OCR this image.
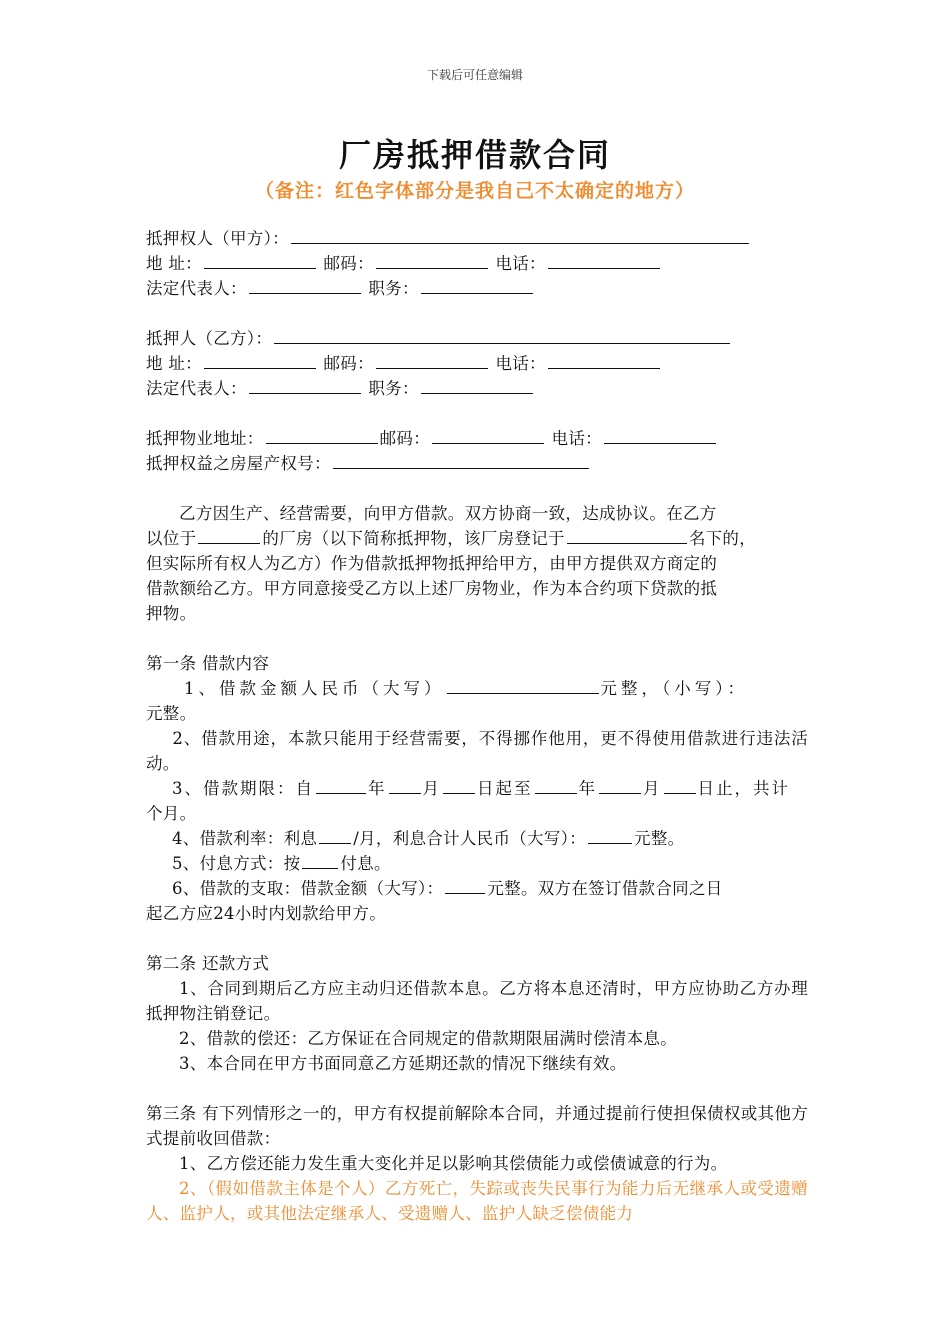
下载后可任意编辑
厂房抵押借款合同
（备注：红色字体部分是我自己不太确定的地方）
抵押权人（甲方）：
地 址：	邮码：	电话：
法定代表人：	职务：
抵押人（乙方）：
地 址：	邮码：	电话：
法定代表人：	职务：
抵押物业地址：	邮码：	电话：
抵押权益之房屋产权号：
乙方因生产、经营需要，向甲方借款。双方协商一致，达成协议。在乙方
以位于	的厂房（以下简称抵押物，该厂房登记于	名下的，
但实际所有权人为乙方）作为借款抵押物抵押给甲方，由甲方提供双方商定的
借款额给乙方。甲方同意接受乙方以上述厂房物业，作为本合约项下贷款的抵
押物。
第一条 借款内容
1、借款金额人民币（大写）	元整，（小写）：
元整。
2、借款用途，本款只能用于经营需要，不得挪作他用，更不得使用借款进行违法活动。
3、借款期限：自	年 月 日起至	年	月 日止，共计
个月。
4、借款利率：利息 /月，利息合计人民币（大写）：	元整。
5、付息方式：按 付息。
6、借款的支取：借款金额（大写）：	元整。双方在签订借款合同之日
起乙方应24小时内划款给甲方。
第二条 还款方式
1、合同到期后乙方应主动归还借款本息。乙方将本息还清时，甲方应协助乙方办理抵押物注销登记。
2、借款的偿还：乙方保证在合同规定的借款期限届满时偿清本息。
3、本合同在甲方书面同意乙方延期还款的情况下继续有效。
第三条 有下列情形之一的，甲方有权提前解除本合同，并通过提前行使担保债权或其他方式提前收回借款：
1、乙方偿还能力发生重大变化并足以影响其偿债能力或偿债诚意的行为。
2、（假如借款主体是个人）乙方死亡，失踪或丧失民事行为能力后无继承人或受遗赠人、监护人，或其他法定继承人、受遗赠人、监护人缺乏偿债能力
